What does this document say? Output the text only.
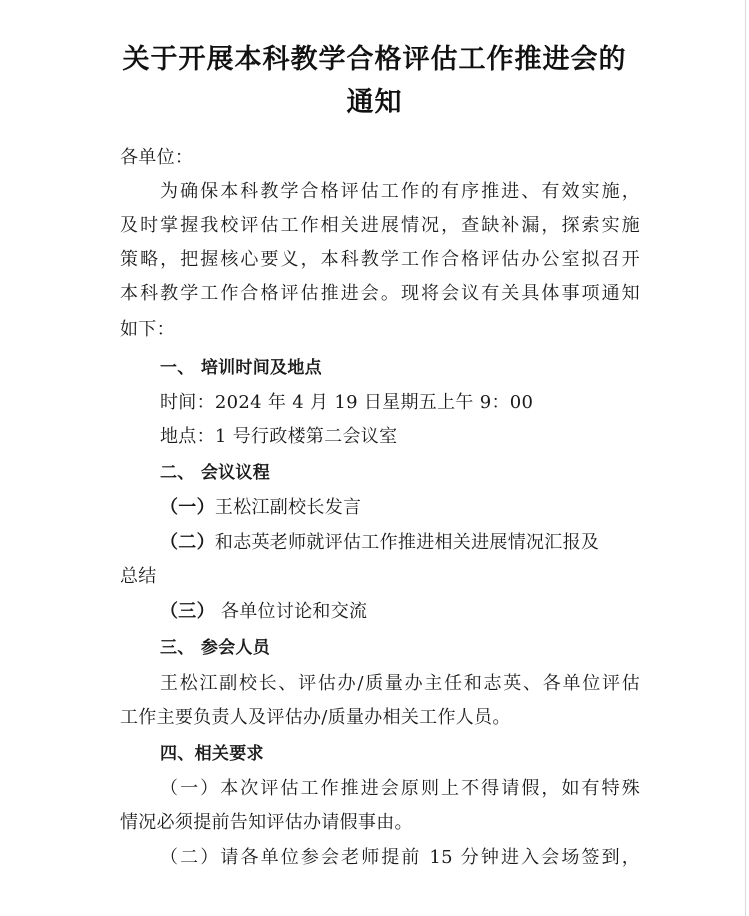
关于开展本科教学合格评估工作推进会的
通知
各单位：
为确保本科教学合格评估工作的有序推进、有效实施，
及时掌握我校评估工作相关进展情况，查缺补漏，探索实施
策略，把握核心要义，本科教学工作合格评估办公室拟召开
本科教学工作合格评估推进会。现将会议有关具体事项通知
如下：
一、 培训时间及地点
时间：2024 年 4 月 19 日星期五上午 9：00
地点：1 号行政楼第二会议室
二、 会议议程
（一）王松江副校长发言
（二）和志英老师就评估工作推进相关进展情况汇报及
总结
（三） 各单位讨论和交流
三、 参会人员
王松江副校长、评估办/质量办主任和志英、各单位评估
工作主要负责人及评估办/质量办相关工作人员。
四、相关要求
（一）本次评估工作推进会原则上不得请假，如有特殊
情况必须提前告知评估办请假事由。
（二）请各单位参会老师提前 15 分钟进入会场签到，
